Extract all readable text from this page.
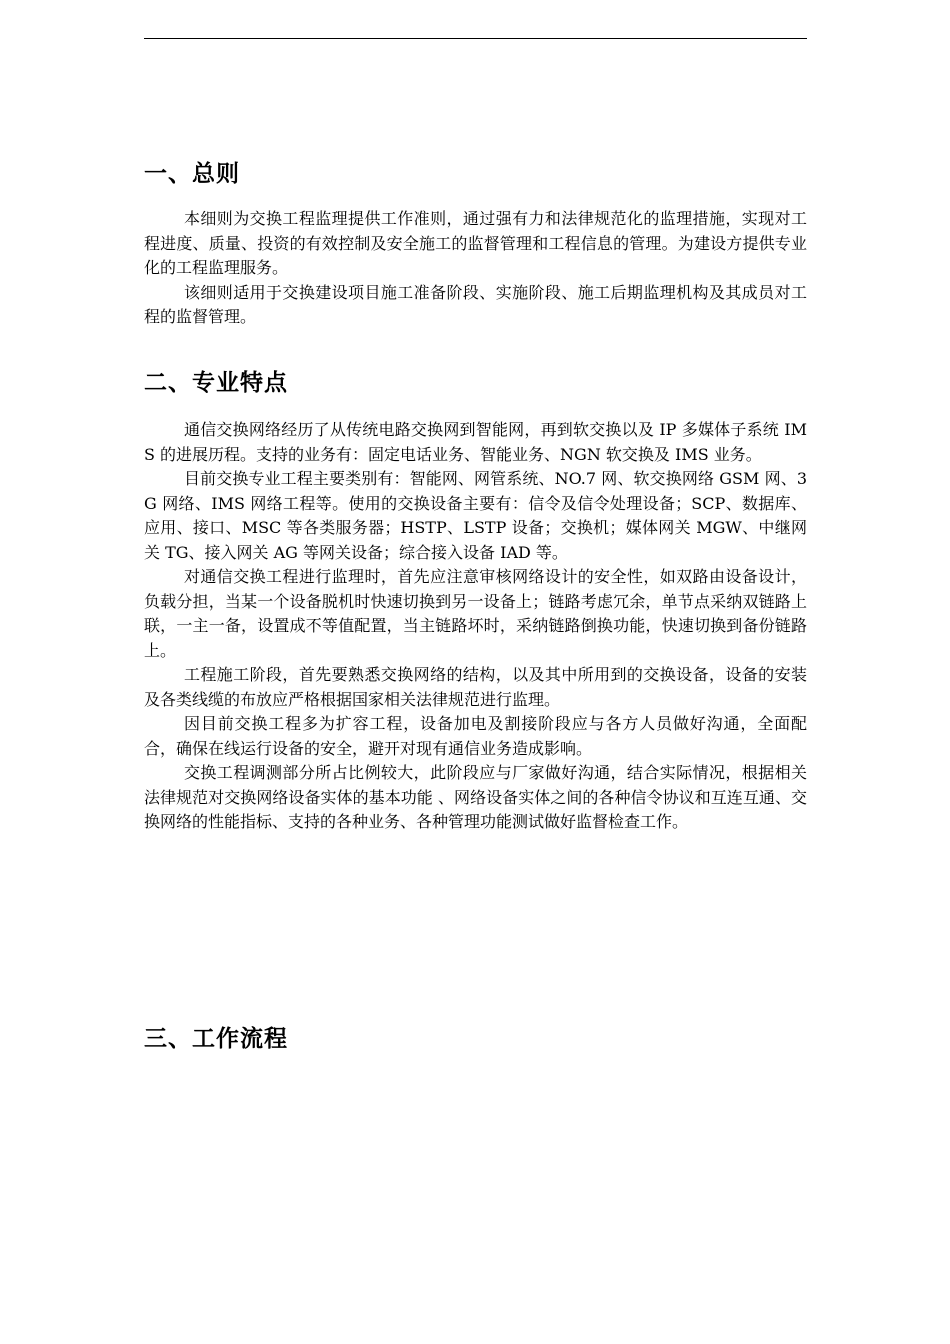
一、总则

本细则为交换工程监理提供工作准则，通过强有力和法律规范化的监理措施，实现对工程进度、质量、投资的有效控制及安全施工的监督管理和工程信息的管理。为建设方提供专业化的工程监理服务。

该细则适用于交换建设项目施工准备阶段、实施阶段、施工后期监理机构及其成员对工程的监督管理。

二、专业特点

通信交换网络经历了从传统电路交换网到智能网，再到软交换以及 IP 多媒体子系统 IMS 的进展历程。支持的业务有：固定电话业务、智能业务、NGN 软交换及 IMS 业务。

目前交换专业工程主要类别有：智能网、网管系统、NO.7 网、软交换网络 GSM 网、3G 网络、IMS 网络工程等。使用的交换设备主要有：信令及信令处理设备；SCP、数据库、应用、接口、MSC 等各类服务器；HSTP、LSTP 设备；交换机；媒体网关 MGW、中继网关 TG、接入网关 AG 等网关设备；综合接入设备 IAD 等。

对通信交换工程进行监理时，首先应注意审核网络设计的安全性，如双路由设备设计，负载分担，当某一个设备脱机时快速切换到另一设备上；链路考虑冗余，单节点采纳双链路上联，一主一备，设置成不等值配置，当主链路坏时，采纳链路倒换功能，快速切换到备份链路上。

工程施工阶段，首先要熟悉交换网络的结构，以及其中所用到的交换设备，设备的安装及各类线缆的布放应严格根据国家相关法律规范进行监理。

因目前交换工程多为扩容工程，设备加电及割接阶段应与各方人员做好沟通，全面配合，确保在线运行设备的安全，避开对现有通信业务造成影响。

交换工程调测部分所占比例较大，此阶段应与厂家做好沟通，结合实际情况，根据相关法律规范对交换网络设备实体的基本功能 、网络设备实体之间的各种信令协议和互连互通、交换网络的性能指标、支持的各种业务、各种管理功能测试做好监督检查工作。

三、工作流程
